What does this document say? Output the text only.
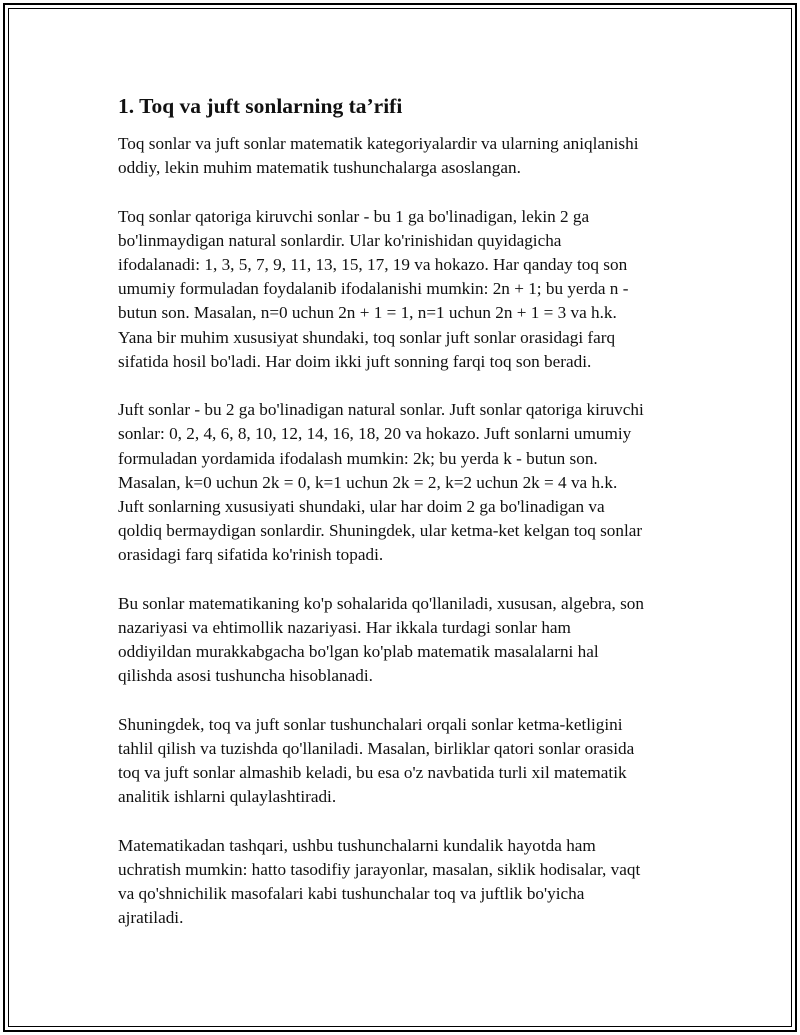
1. Toq va juft sonlarning ta’rifi

Toq sonlar va juft sonlar matematik kategoriyalardir va ularning aniqlanishi
oddiy, lekin muhim matematik tushunchalarga asoslangan.

Toq sonlar qatoriga kiruvchi sonlar - bu 1 ga bo'linadigan, lekin 2 ga
bo'linmaydigan natural sonlardir. Ular ko'rinishidan quyidagicha
ifodalanadi: 1, 3, 5, 7, 9, 11, 13, 15, 17, 19 va hokazo. Har qanday toq son
umumiy formuladan foydalanib ifodalanishi mumkin: 2n + 1; bu yerda n -
butun son. Masalan, n=0 uchun 2n + 1 = 1, n=1 uchun 2n + 1 = 3 va h.k.
Yana bir muhim xususiyat shundaki, toq sonlar juft sonlar orasidagi farq
sifatida hosil bo'ladi. Har doim ikki juft sonning farqi toq son beradi.

Juft sonlar - bu 2 ga bo'linadigan natural sonlar. Juft sonlar qatoriga kiruvchi
sonlar: 0, 2, 4, 6, 8, 10, 12, 14, 16, 18, 20 va hokazo. Juft sonlarni umumiy
formuladan yordamida ifodalash mumkin: 2k; bu yerda k - butun son.
Masalan, k=0 uchun 2k = 0, k=1 uchun 2k = 2, k=2 uchun 2k = 4 va h.k.
Juft sonlarning xususiyati shundaki, ular har doim 2 ga bo'linadigan va
qoldiq bermaydigan sonlardir. Shuningdek, ular ketma-ket kelgan toq sonlar
orasidagi farq sifatida ko'rinish topadi.

Bu sonlar matematikaning ko'p sohalarida qo'llaniladi, xususan, algebra, son
nazariyasi va ehtimollik nazariyasi. Har ikkala turdagi sonlar ham
oddiyildan murakkabgacha bo'lgan ko'plab matematik masalalarni hal
qilishda asosi tushuncha hisoblanadi.

Shuningdek, toq va juft sonlar tushunchalari orqali sonlar ketma-ketligini
tahlil qilish va tuzishda qo'llaniladi. Masalan, birliklar qatori sonlar orasida
toq va juft sonlar almashib keladi, bu esa o'z navbatida turli xil matematik
analitik ishlarni qulaylashtiradi.

Matematikadan tashqari, ushbu tushunchalarni kundalik hayotda ham
uchratish mumkin: hatto tasodifiy jarayonlar, masalan, siklik hodisalar, vaqt
va qo'shnichilik masofalari kabi tushunchalar toq va juftlik bo'yicha
ajratiladi.
